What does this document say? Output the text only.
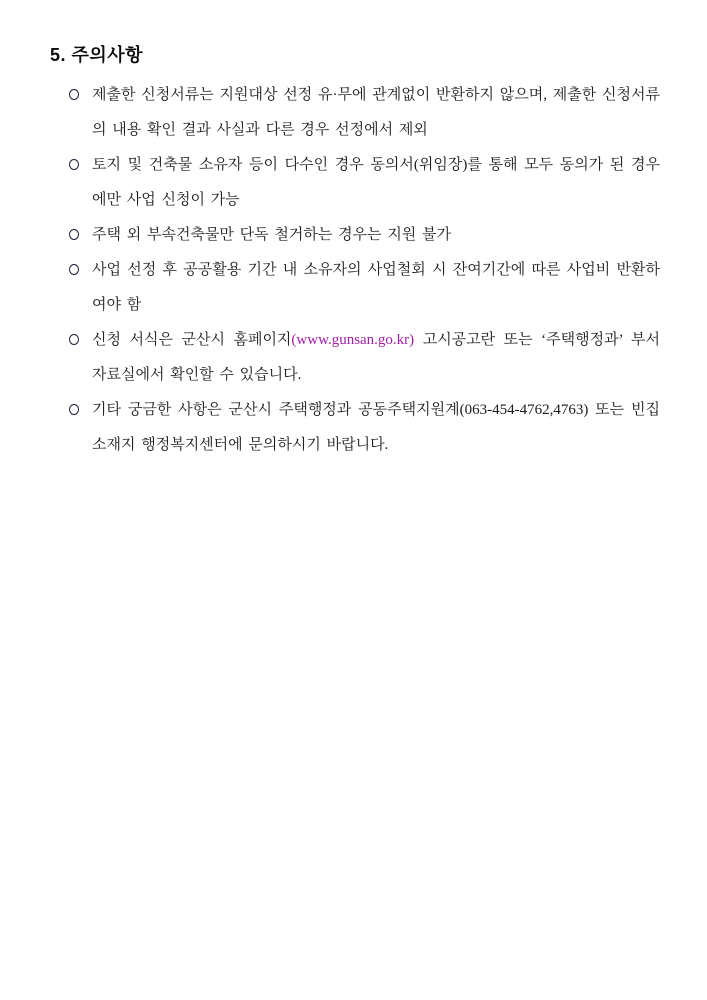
5. 주의사항

제출한 신청서류는 지원대상 선정 유·무에 관계없이 반환하지 않으며, 제출한 신청서류의 내용 확인 결과 사실과 다른 경우 선정에서 제외

토지 및 건축물 소유자 등이 다수인 경우 동의서(위임장)를 통해 모두 동의가 된 경우에만 사업 신청이 가능

주택 외 부속건축물만 단독 철거하는 경우는 지원 불가

사업 선정 후 공공활용 기간 내 소유자의 사업철회 시 잔여기간에 따른 사업비 반환하여야 함

신청 서식은 군산시 홈페이지(www.gunsan.go.kr) 고시공고란 또는 ‘주택행정과’ 부서 자료실에서 확인할 수 있습니다.

기타 궁금한 사항은 군산시 주택행정과 공동주택지원계(063-454-4762,4763) 또는 빈집 소재지 행정복지센터에 문의하시기 바랍니다.
